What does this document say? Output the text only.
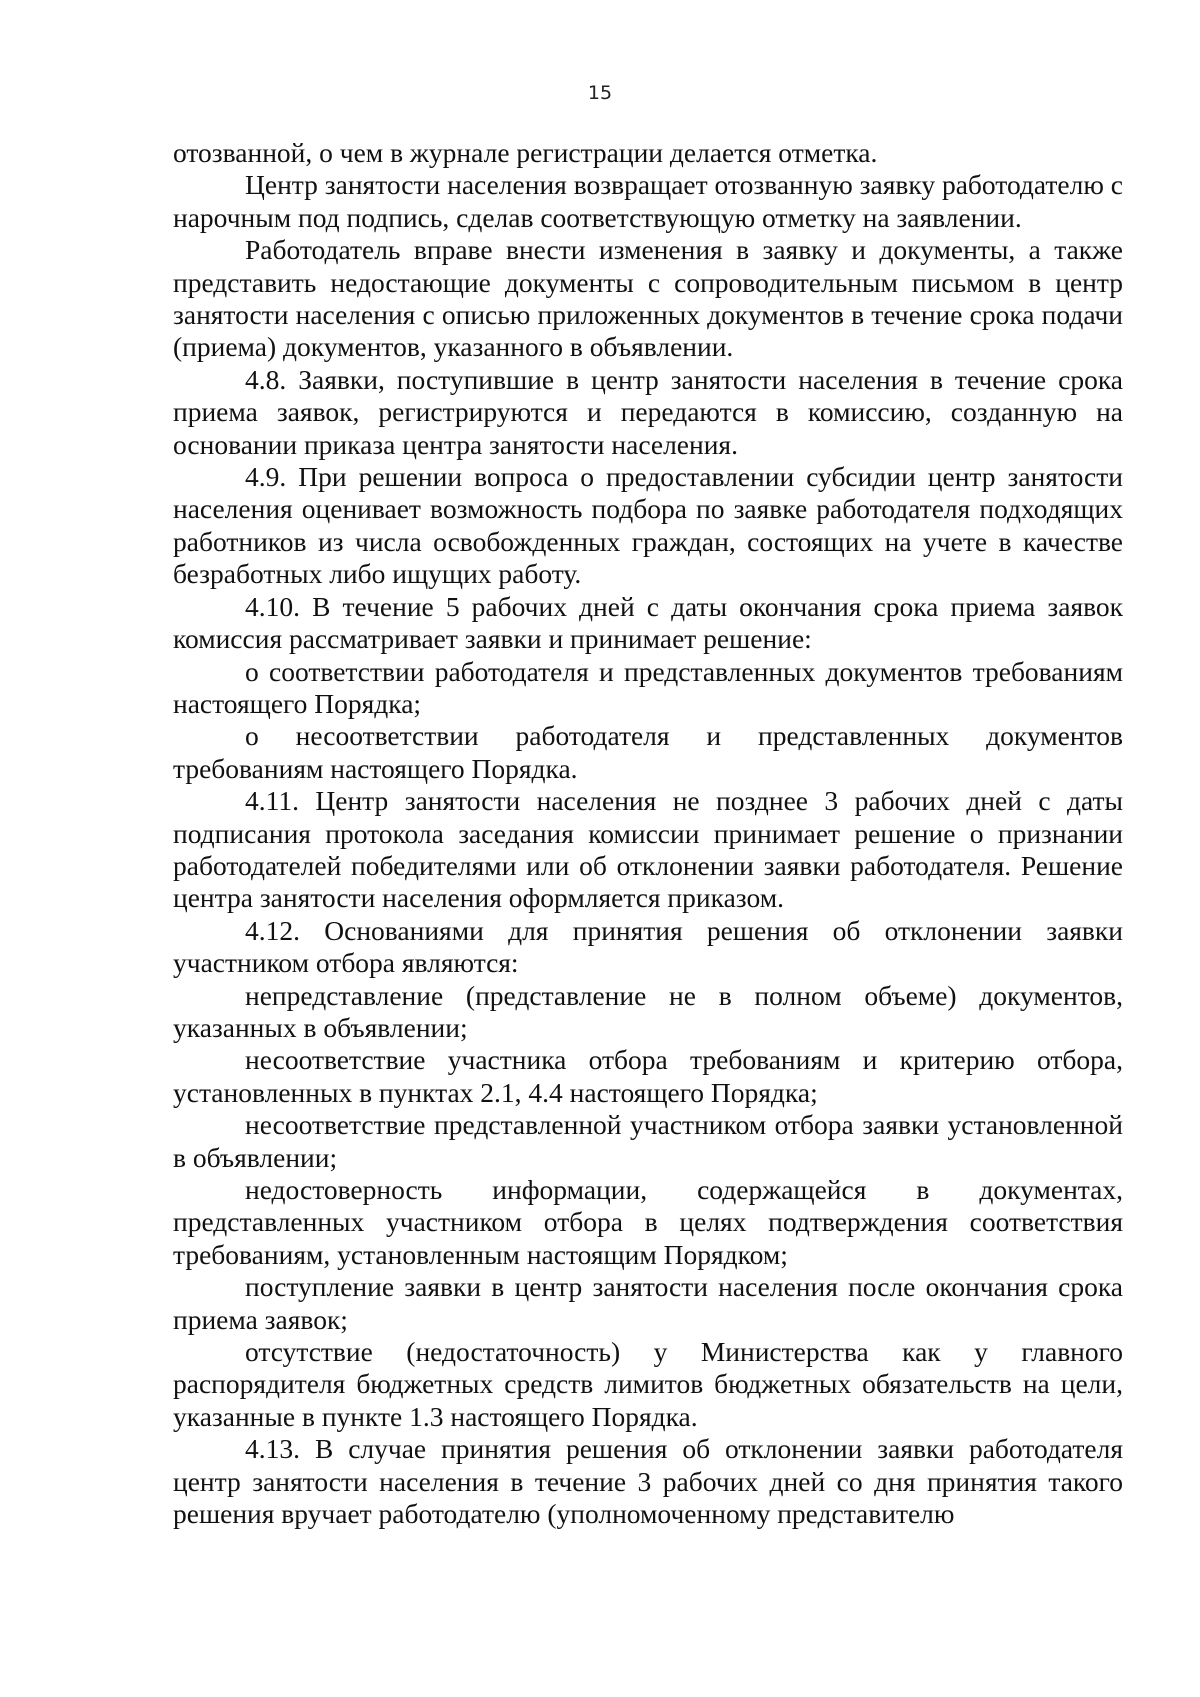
15

отозванной, о чем в журнале регистрации делается отметка.

Центр занятости населения возвращает отозванную заявку работодателю с нарочным под подпись, сделав соответствующую отметку на заявлении.

Работодатель вправе внести изменения в заявку и документы, а также представить недостающие документы с сопроводительным письмом в центр занятости населения с описью приложенных документов в течение срока подачи (приема) документов, указанного в объявлении.

4.8. Заявки, поступившие в центр занятости населения в течение срока приема заявок, регистрируются и передаются в комиссию, созданную на основании приказа центра занятости населения.

4.9. При решении вопроса о предоставлении субсидии центр занятости населения оценивает возможность подбора по заявке работодателя подходящих работников из числа освобожденных граждан, состоящих на учете в качестве безработных либо ищущих работу.

4.10. В течение 5 рабочих дней с даты окончания срока приема заявок комиссия рассматривает заявки и принимает решение:

о соответствии работодателя и представленных документов требованиям настоящего Порядка;

о несоответствии работодателя и представленных документов требованиям настоящего Порядка.

4.11. Центр занятости населения не позднее 3 рабочих дней с даты подписания протокола заседания комиссии принимает решение о признании работодателей победителями или об отклонении заявки работодателя. Решение центра занятости населения оформляется приказом.

4.12. Основаниями для принятия решения об отклонении заявки участником отбора являются:

непредставление (представление не в полном объеме) документов, указанных в объявлении;

несоответствие участника отбора требованиям и критерию отбора, установленных в пунктах 2.1, 4.4 настоящего Порядка;

несоответствие представленной участником отбора заявки установленной в объявлении;

недостоверность информации, содержащейся в документах, представленных участником отбора в целях подтверждения соответствия требованиям, установленным настоящим Порядком;

поступление заявки в центр занятости населения после окончания срока приема заявок;

отсутствие (недостаточность) у Министерства как у главного распорядителя бюджетных средств лимитов бюджетных обязательств на цели, указанные в пункте 1.3 настоящего Порядка.

4.13. В случае принятия решения об отклонении заявки работодателя центр занятости населения в течение 3 рабочих дней со дня принятия такого решения вручает работодателю (уполномоченному представителю
